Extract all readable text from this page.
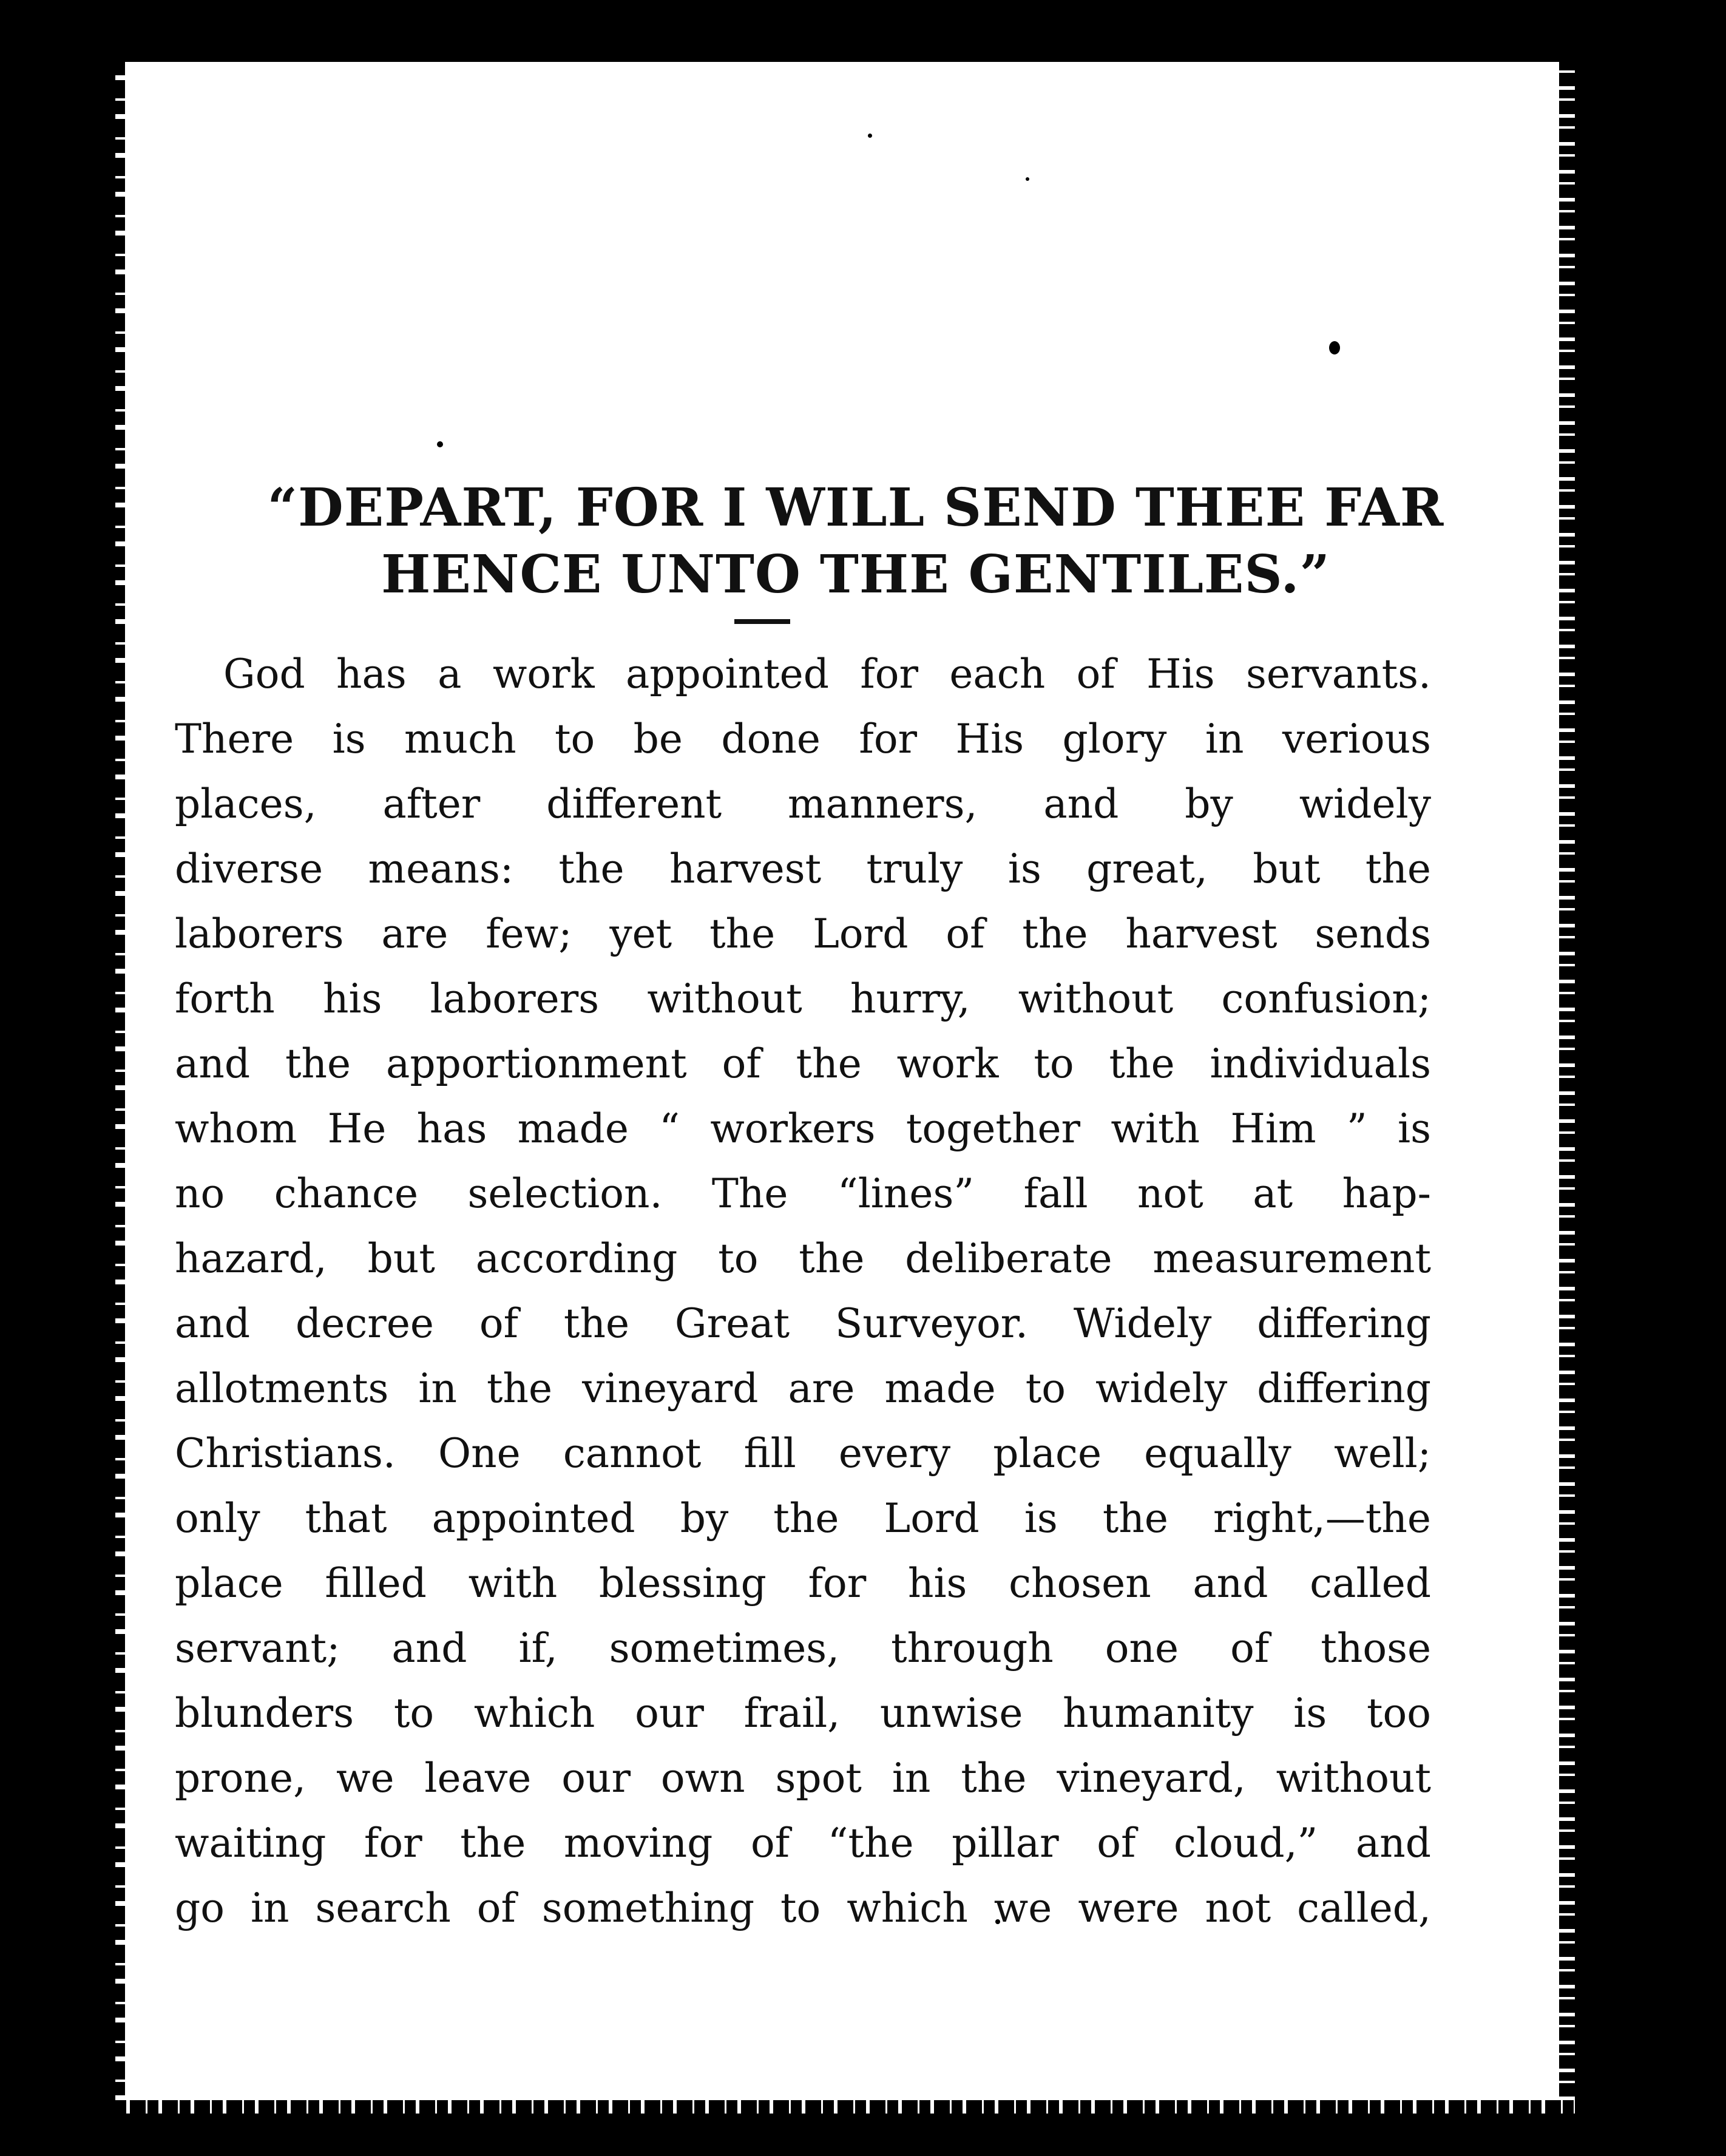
“DEPART, FOR I WILL SEND THEE FAR
HENCE UNTO THE GENTILES.”
God has a work appointed for each of His servants.
There is much to be done for His glory in verious
places, after different manners, and by widely
diverse means: the harvest truly is great, but the
laborers are few; yet the Lord of the harvest sends
forth his laborers without hurry, without confusion;
and the apportionment of the work to the individuals
whom He has made “ workers together with Him ” is
no chance selection. The “lines” fall not at hap-
hazard, but according to the deliberate measurement
and decree of the Great Surveyor. Widely differing
allotments in the vineyard are made to widely differing
Christians. One cannot fill every place equally well;
only that appointed by the Lord is the right,—the
place filled with blessing for his chosen and called
servant; and if, sometimes, through one of those
blunders to which our frail, unwise humanity is too
prone, we leave our own spot in the vineyard, without
waiting for the moving of “the pillar of cloud,” and
go in search of something to which we were not called,
